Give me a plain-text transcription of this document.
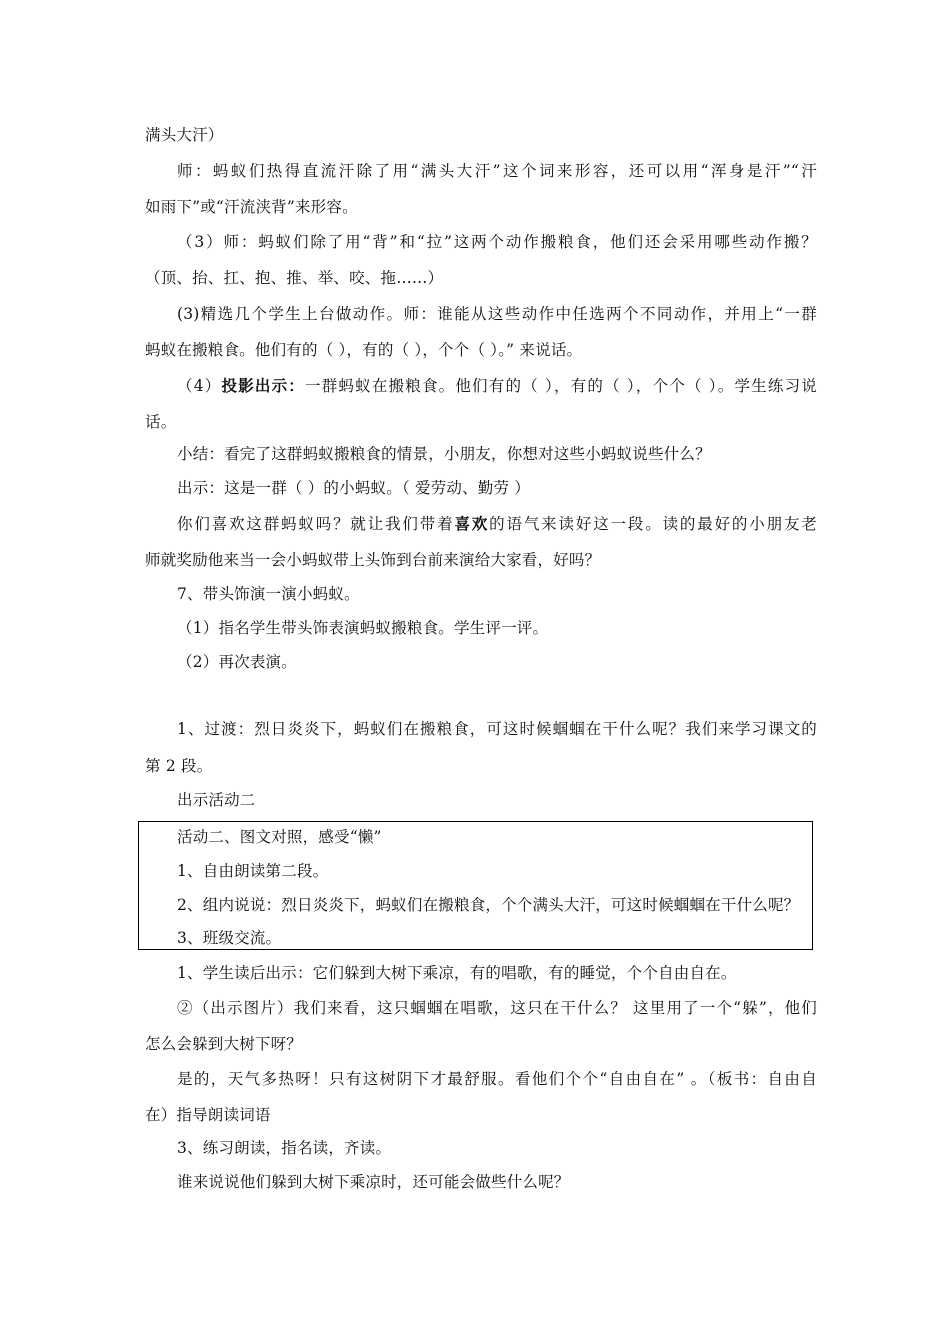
满头大汗）
师：蚂蚁们热得直流汗除了用“满头大汗”这个词来形容，还可以用“浑身是汗”“汗
如雨下”或“汗流浃背”来形容。
（3）师：蚂蚁们除了用“背”和“拉”这两个动作搬粮食，他们还会采用哪些动作搬？
（顶、抬、扛、抱、推、举、咬、拖……）
(3)精选几个学生上台做动作。师：谁能从这些动作中任选两个不同动作，并用上“一群
蚂蚁在搬粮食。他们有的（ ），有的（ ），个个（ ）。” 来说话。
（4）投影出示：一群蚂蚁在搬粮食。他们有的（ ），有的（ ），个个（ ）。学生练习说
话。
小结：看完了这群蚂蚁搬粮食的情景，小朋友，你想对这些小蚂蚁说些什么？
出示：这是一群（ ）的小蚂蚁。（ 爱劳动、勤劳 ）
你们喜欢这群蚂蚁吗？就让我们带着喜欢的语气来读好这一段。读的最好的小朋友老
师就奖励他来当一会小蚂蚁带上头饰到台前来演给大家看，好吗？
7、带头饰演一演小蚂蚁。
（1）指名学生带头饰表演蚂蚁搬粮食。学生评一评。
（2）再次表演。
1、过渡：烈日炎炎下，蚂蚁们在搬粮食，可这时候蝈蝈在干什么呢？我们来学习课文的
第 2 段。
出示活动二
活动二、图文对照，感受“懒”
1、自由朗读第二段。
2、组内说说：烈日炎炎下，蚂蚁们在搬粮食，个个满头大汗，可这时候蝈蝈在干什么呢？
3、班级交流。
1、学生读后出示：它们躲到大树下乘凉，有的唱歌，有的睡觉，个个自由自在。
②（出示图片）我们来看，这只蝈蝈在唱歌，这只在干什么？ 这里用了一个“躲”，他们
怎么会躲到大树下呀？
是的，天气多热呀！只有这树阴下才最舒服。看他们个个“自由自在” 。（板书：自由自
在）指导朗读词语
3、练习朗读，指名读，齐读。
谁来说说他们躲到大树下乘凉时，还可能会做些什么呢？
